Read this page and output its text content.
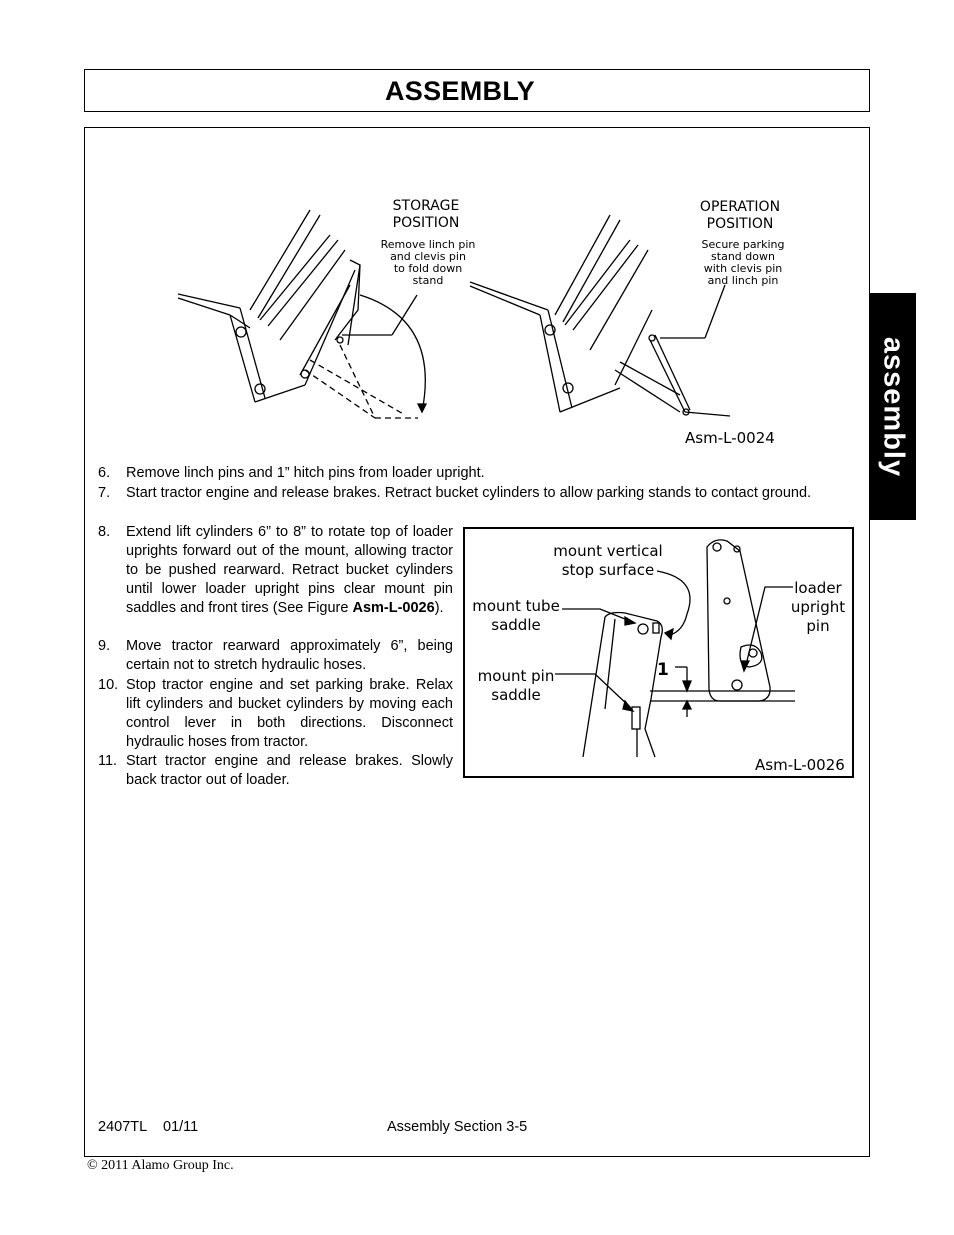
ASSEMBLY
assembly
STORAGE
POSITION
Remove linch pin
and clevis pin
to fold down
stand
OPERATION
POSITION
Secure parking
stand down
with clevis pin
and linch pin
Asm-L-0024
6. Remove linch pins and 1” hitch pins from loader upright.
7. Start tractor engine and release brakes. Retract bucket cylinders to allow parking stands to contact ground.
8. Extend lift cylinders 6” to 8” to rotate top of loader uprights forward out of the mount, allowing tractor to be pushed rearward. Retract bucket cylinders until lower loader upright pins clear mount pin saddles and front tires (See Figure Asm-L-0026).
9. Move tractor rearward approximately 6”, being certain not to stretch hydraulic hoses.
10. Stop tractor engine and set parking brake. Relax lift cylinders and bucket cylinders by moving each control lever in both directions. Disconnect hydraulic hoses from tractor.
11. Start tractor engine and release brakes. Slowly back tractor out of loader.
mount vertical
stop surface
mount tube
saddle
mount pin
saddle
loader
upright
pin
1
Asm-L-0026
2407TL 01/11	Assembly Section 3-5
© 2011 Alamo Group Inc.
